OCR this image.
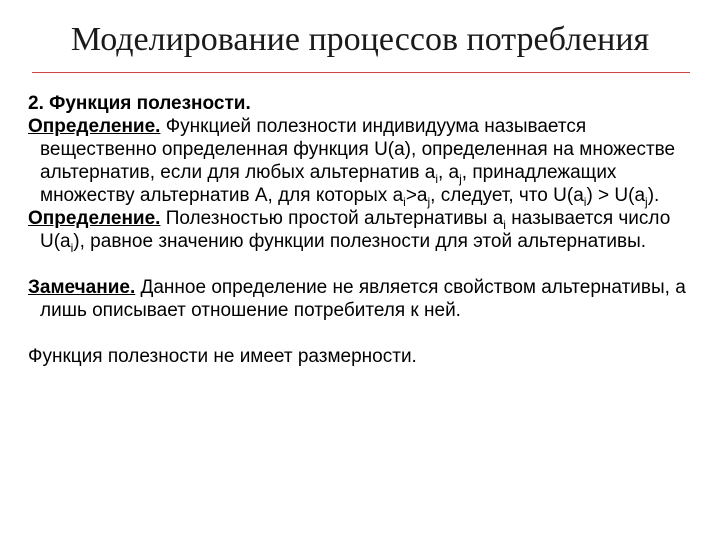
Моделирование процессов потребления

2. Функция полезности.

Определение. Функцией полезности индивидуума называется вещественно определенная функция U(a), определенная на множестве альтернатив, если для любых альтернатив $a_i$, $a_j$, принадлежащих множеству альтернатив A, для которых $a_i>a_j$, следует, что $U(a_i) > U(a_j)$.

Определение. Полезностью простой альтернативы $a_i$ называется число $U(a_i)$, равное значению функции полезности для этой альтернативы.

Замечание. Данное определение не является свойством альтернативы, а лишь описывает отношение потребителя к ней.

Функция полезности не имеет размерности.
